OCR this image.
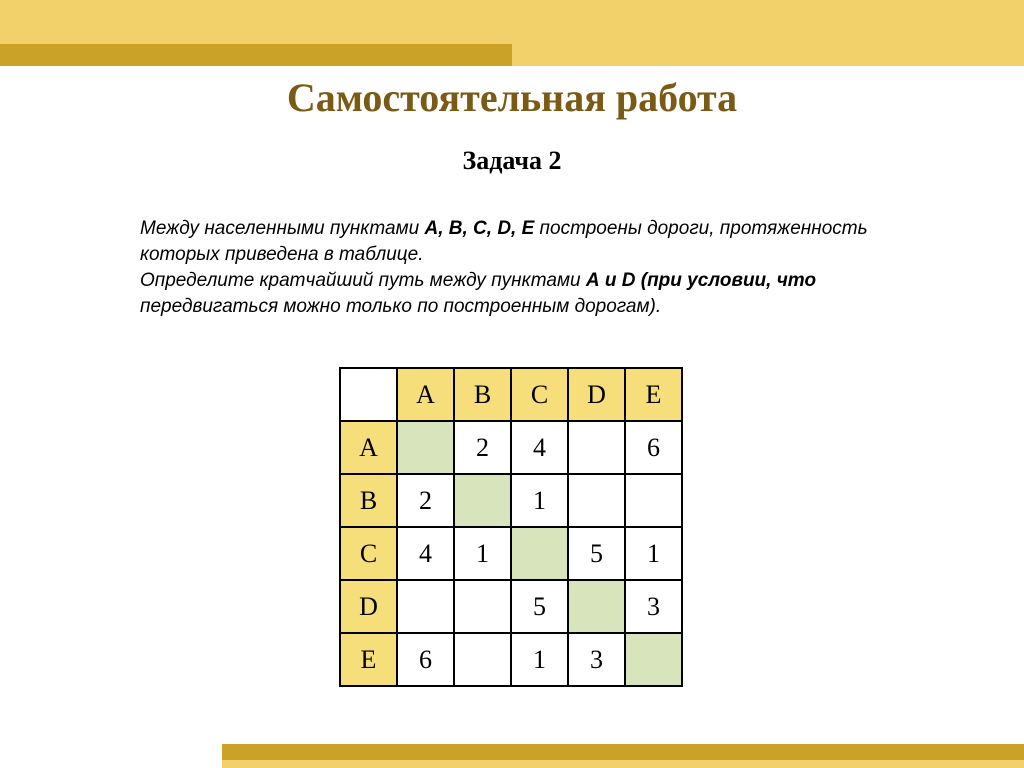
Самостоятельная работа
Задача 2

Между населенными пунктами А, В, С, D, Е построены дороги, протяженность которых приведена в таблице.

Определите кратчайший путь между пунктами А и D (при условии, что передвигаться можно только по построенным дорогам).

	A	B	C	D	E
A		2	4		6
B	2		1		
C	4	1		5	1
D			5		3
E	6		1	3	
